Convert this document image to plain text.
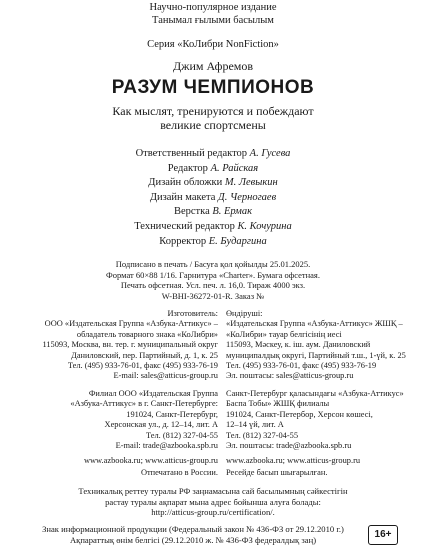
Научно-популярное издание
Танымал ғылыми басылым
Серия «КоЛибри NonFiction»
Джим Афремов
РАЗУМ ЧЕМПИОНОВ
Как мыслят, тренируются и побеждают
великие спортсмены
Ответственный редактор А. Гусева
Редактор А. Райская
Дизайн обложки М. Левыкин
Дизайн макета Д. Черногаев
Верстка В. Ермак
Технический редактор К. Кочурина
Корректор Е. Бударгина
Подписано в печать / Басуға қол қойылды 25.01.2025.
Формат 60×88 1/16. Гарнитура «Charter». Бумага офсетная.
Печать офсетная. Усл. печ. л. 16,0. Тираж 4000 экз.
W-BHI-36272-01-R. Заказ №
Изготовитель:
ООО «Издательская Группа «Азбука-Аттикус» –
обладатель товарного знака «КоЛибри»
115093, Москва, вн. тер. г. муниципальный округ
Даниловский, пер. Партийный, д. 1, к. 25
Тел. (495) 933-76-01, факс (495) 933-76-19
E-mail: sales@atticus-group.ru
Өндіруші:
«Издательская Группа «Азбука-Аттикус» ЖШҚ –
«КоЛибри» тауар белгісінің иесі
115093, Мәскеу, к. іш. аум. Даниловский
муниципалдық округі, Партийный т.ш., 1-үй, к. 25
Тел. (495) 933-76-01, факс (495) 933-76-19
Эл. поштасы: sales@atticus-group.ru
Филиал ООО «Издательская Группа
«Азбука-Аттикус» в г. Санкт-Петербурге:
191024, Санкт-Петербург,
Херсонская ул., д. 12–14, лит. А
Тел. (812) 327-04-55
E-mail: trade@azbooka.spb.ru
Санкт-Петербург қаласындағы «Азбука-Аттикус»
Баспа Тобы» ЖШҚ филиалы
191024, Санкт-Петербор, Херсон көшесі,
12–14 үй, лит. А
Тел. (812) 327-04-55
Эл. поштасы: trade@azbooka.spb.ru
www.azbooka.ru; www.atticus-group.ru www.azbooka.ru; www.atticus-group.ru
Отпечатано в России. Ресейде басып шығарылған.
Техникалық реттеу туралы РФ заңнамасына сай басылымның сәйкестігін
растау туралы ақпарат мына адрес бойынша алуға болады:
http://atticus-group.ru/certification/.
Знак информационной продукции (Федеральный закон № 436-ФЗ от 29.12.2010 г.)
Ақпараттық өнім белгісі (29.12.2010 ж. № 436-ФЗ федералдық заң)	16+
